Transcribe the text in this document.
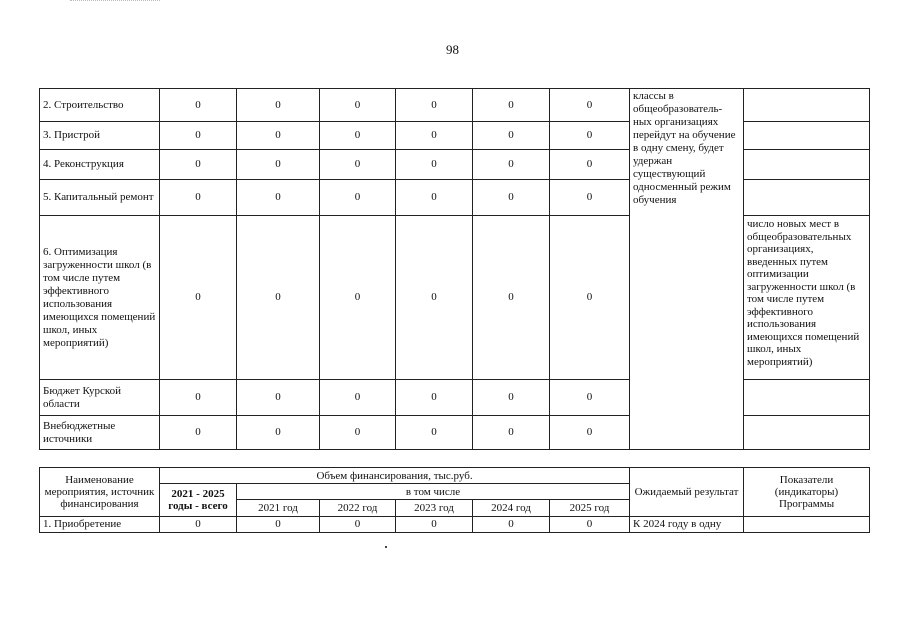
98
2. Строительство	0	0	0	0	0	0	классы в общеобразователь-ных организациях перейдут на обучение в одну смену, будет удержан существующий односменный режим обучения	
3. Пристрой	0	0	0	0	0	0		
4. Реконструкция	0	0	0	0	0	0		
5. Капитальный ремонт	0	0	0	0	0	0		
6. Оптимизация загруженности школ (в том числе путем эффективного использования имеющихся помещений школ, иных мероприятий)	0	0	0	0	0	0		число новых мест в общеобразовательных организациях, введенных путем оптимизации загруженности школ (в том числе путем эффективного использования имеющихся помещений школ, иных мероприятий)
Бюджет Курской области	0	0	0	0	0	0		
Внебюджетные источники	0	0	0	0	0	0		
Наименование мероприятия, источник финансирования	Объем финансирования, тыс.руб.						Ожидаемый результат	Показатели (индикаторы) Программы
	2021 - 2025 годы - всего	в том числе						
		2021 год	2022 год	2023 год	2024 год	2025 год		
1. Приобретение	0	0	0	0	0	0	К 2024 году в одну	
